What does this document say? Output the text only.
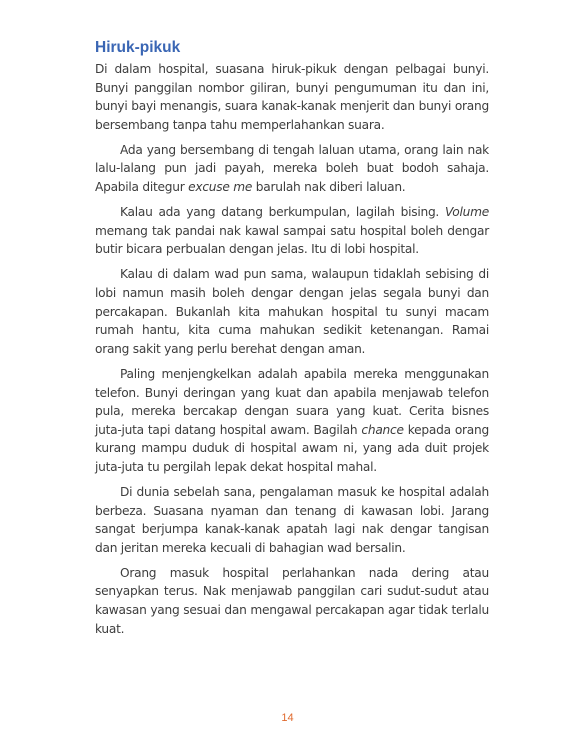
Hiruk-pikuk

Di dalam hospital, suasana hiruk-pikuk dengan pelbagai bunyi. Bunyi panggilan nombor giliran, bunyi pengumuman itu dan ini, bunyi bayi menangis, suara kanak-kanak menjerit dan bunyi orang bersembang tanpa tahu memperlahankan suara.

Ada yang bersembang di tengah laluan utama, orang lain nak lalu-lalang pun jadi payah, mereka boleh buat bodoh sahaja. Apabila ditegur excuse me barulah nak diberi laluan.

Kalau ada yang datang berkumpulan, lagilah bising. Volume memang tak pandai nak kawal sampai satu hospital boleh dengar butir bicara perbualan dengan jelas. Itu di lobi hospital.

Kalau di dalam wad pun sama, walaupun tidaklah sebising di lobi namun masih boleh dengar dengan jelas segala bunyi dan percakapan. Bukanlah kita mahukan hospital tu sunyi macam rumah hantu, kita cuma mahukan sedikit ketenangan. Ramai orang sakit yang perlu berehat dengan aman.

Paling menjengkelkan adalah apabila mereka menggunakan telefon. Bunyi deringan yang kuat dan apabila menjawab telefon pula, mereka bercakap dengan suara yang kuat. Cerita bisnes juta-juta tapi datang hospital awam. Bagilah chance kepada orang kurang mampu duduk di hospital awam ni, yang ada duit projek juta-juta tu pergilah lepak dekat hospital mahal.

Di dunia sebelah sana, pengalaman masuk ke hospital adalah berbeza. Suasana nyaman dan tenang di kawasan lobi. Jarang sangat berjumpa kanak-kanak apatah lagi nak dengar tangisan dan jeritan mereka kecuali di bahagian wad bersalin.

Orang masuk hospital perlahankan nada dering atau senyapkan terus. Nak menjawab panggilan cari sudut-sudut atau kawasan yang sesuai dan mengawal percakapan agar tidak terlalu kuat.

14
